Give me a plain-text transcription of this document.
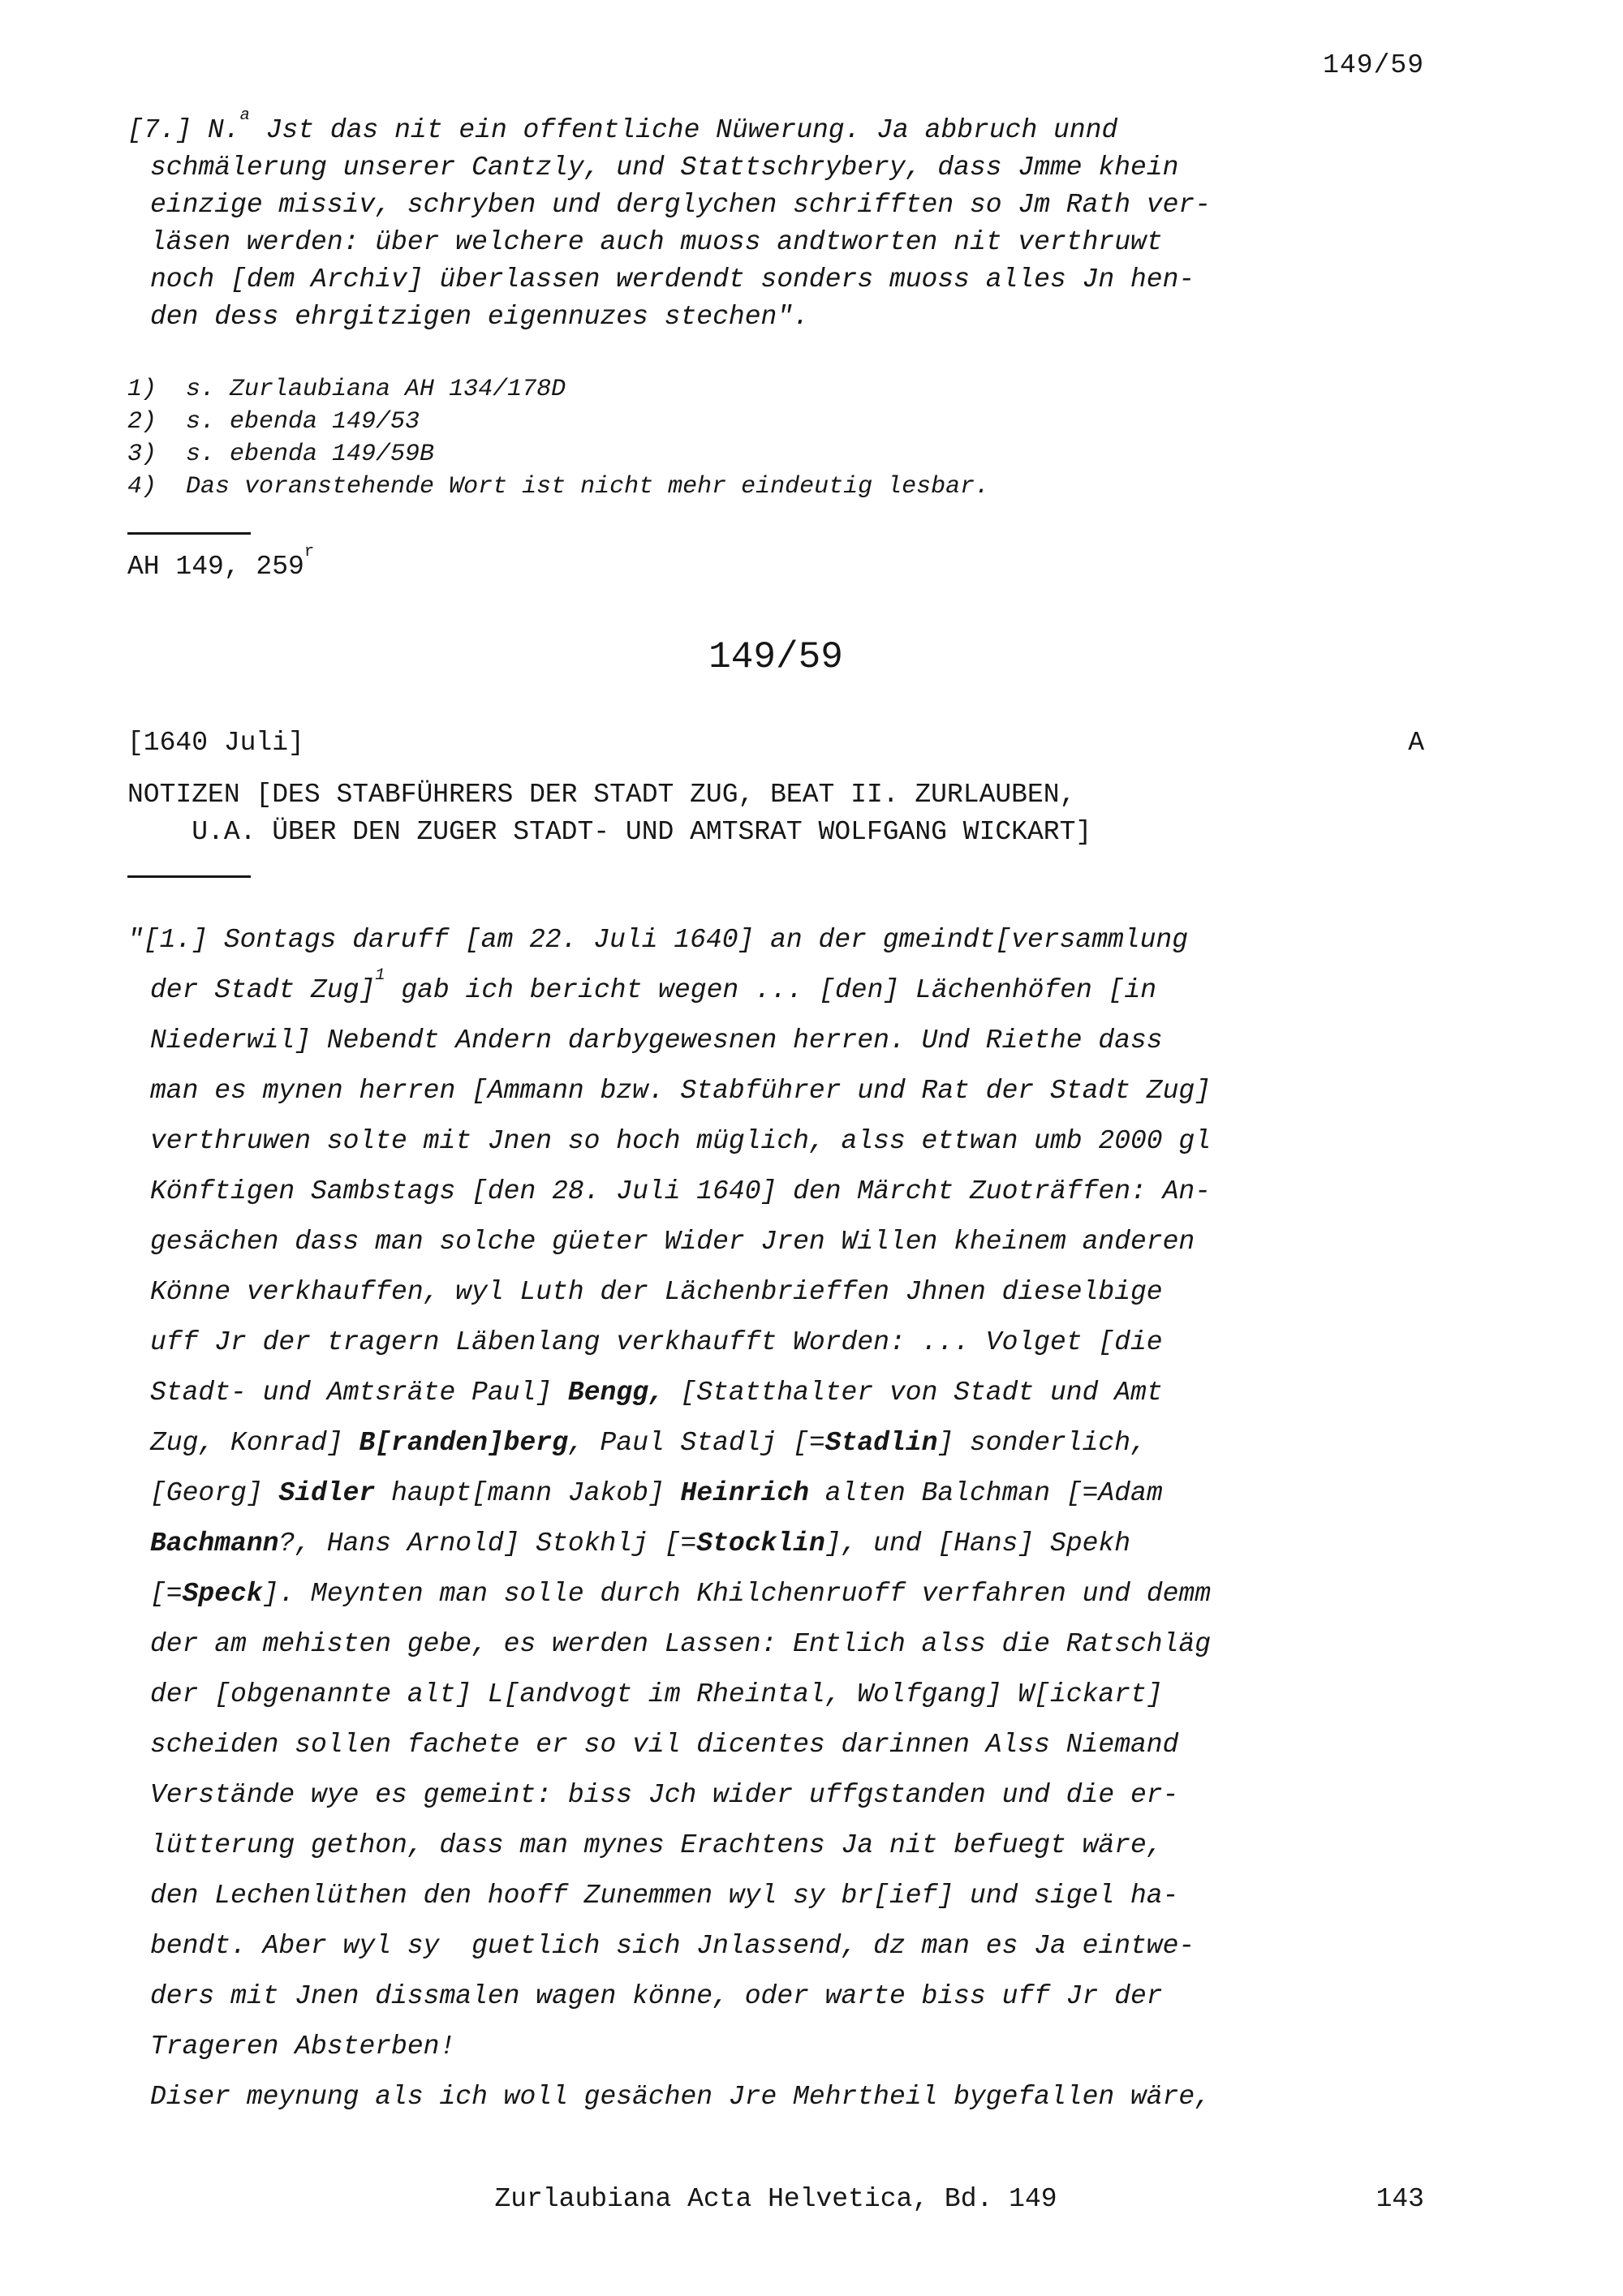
149/59
[7.] N.$^a$ Jst das nit ein offentliche Nüwerung. Ja abbruch unnd
schmälerung unserer Cantzly, und Stattschrybery, dass Jmme khein
einzige missiv, schryben und derglychen schrifften so Jm Rath ver-
läsen werden: über welchere auch muoss andtworten nit verthruwt
noch [dem Archiv] überlassen werdendt sonders muoss alles Jn hen-
den dess ehrgitzigen eigennuzes stechen".
1)  s. Zurlaubiana AH 134/178D
2)  s. ebenda 149/53
3)  s. ebenda 149/59B
4)  Das voranstehende Wort ist nicht mehr eindeutig lesbar.
AH 149, 259$^r$
149/59
[1640 Juli]	A
NOTIZEN [DES STABFÜHRERS DER STADT ZUG, BEAT II. ZURLAUBEN,
U.A. ÜBER DEN ZUGER STADT- UND AMTSRAT WOLFGANG WICKART]
"[1.] Sontags daruff [am 22. Juli 1640] an der gmeindt[versammlung
der Stadt Zug]$^1$ gab ich bericht wegen ... [den] Lächenhöfen [in
Niederwil] Nebendt Andern darbygewesnen herren. Und Riethe dass
man es mynen herren [Ammann bzw. Stabführer und Rat der Stadt Zug]
verthruwen solte mit Jnen so hoch müglich, alss ettwan umb 2000 gl
Könftigen Sambstags [den 28. Juli 1640] den Märcht Zuoträffen: An-
gesächen dass man solche güeter Wider Jren Willen kheinem anderen
Könne verkhauffen, wyl Luth der Lächenbrieffen Jhnen dieselbige
uff Jr der tragern Läbenlang verkhaufft Worden: ... Volget [die
Stadt- und Amtsräte Paul] Bengg, [Statthalter von Stadt und Amt
Zug, Konrad] B[randen]berg, Paul Stadlj [=Stadlin] sonderlich,
[Georg] Sidler haupt[mann Jakob] Heinrich alten Balchman [=Adam
Bachmann?, Hans Arnold] Stokhlj [=Stocklin], und [Hans] Spekh
[=Speck]. Meynten man solle durch Khilchenruoff verfahren und demm
der am mehisten gebe, es werden Lassen: Entlich alss die Ratschläg
der [obgenannte alt] L[andvogt im Rheintal, Wolfgang] W[ickart]
scheiden sollen fachete er so vil dicentes darinnen Alss Niemand
Verstände wye es gemeint: biss Jch wider uffgstanden und die er-
lütterung gethon, dass man mynes Erachtens Ja nit befuegt wäre,
den Lechenlüthen den hooff Zunemmen wyl sy br[ief] und sigel ha-
bendt. Aber wyl sy  guetlich sich Jnlassend, dz man es Ja eintwe-
ders mit Jnen dissmalen wagen könne, oder warte biss uff Jr der
Trageren Absterben!
Diser meynung als ich woll gesächen Jre Mehrtheil bygefallen wäre,
Zurlaubiana Acta Helvetica, Bd. 149	143
